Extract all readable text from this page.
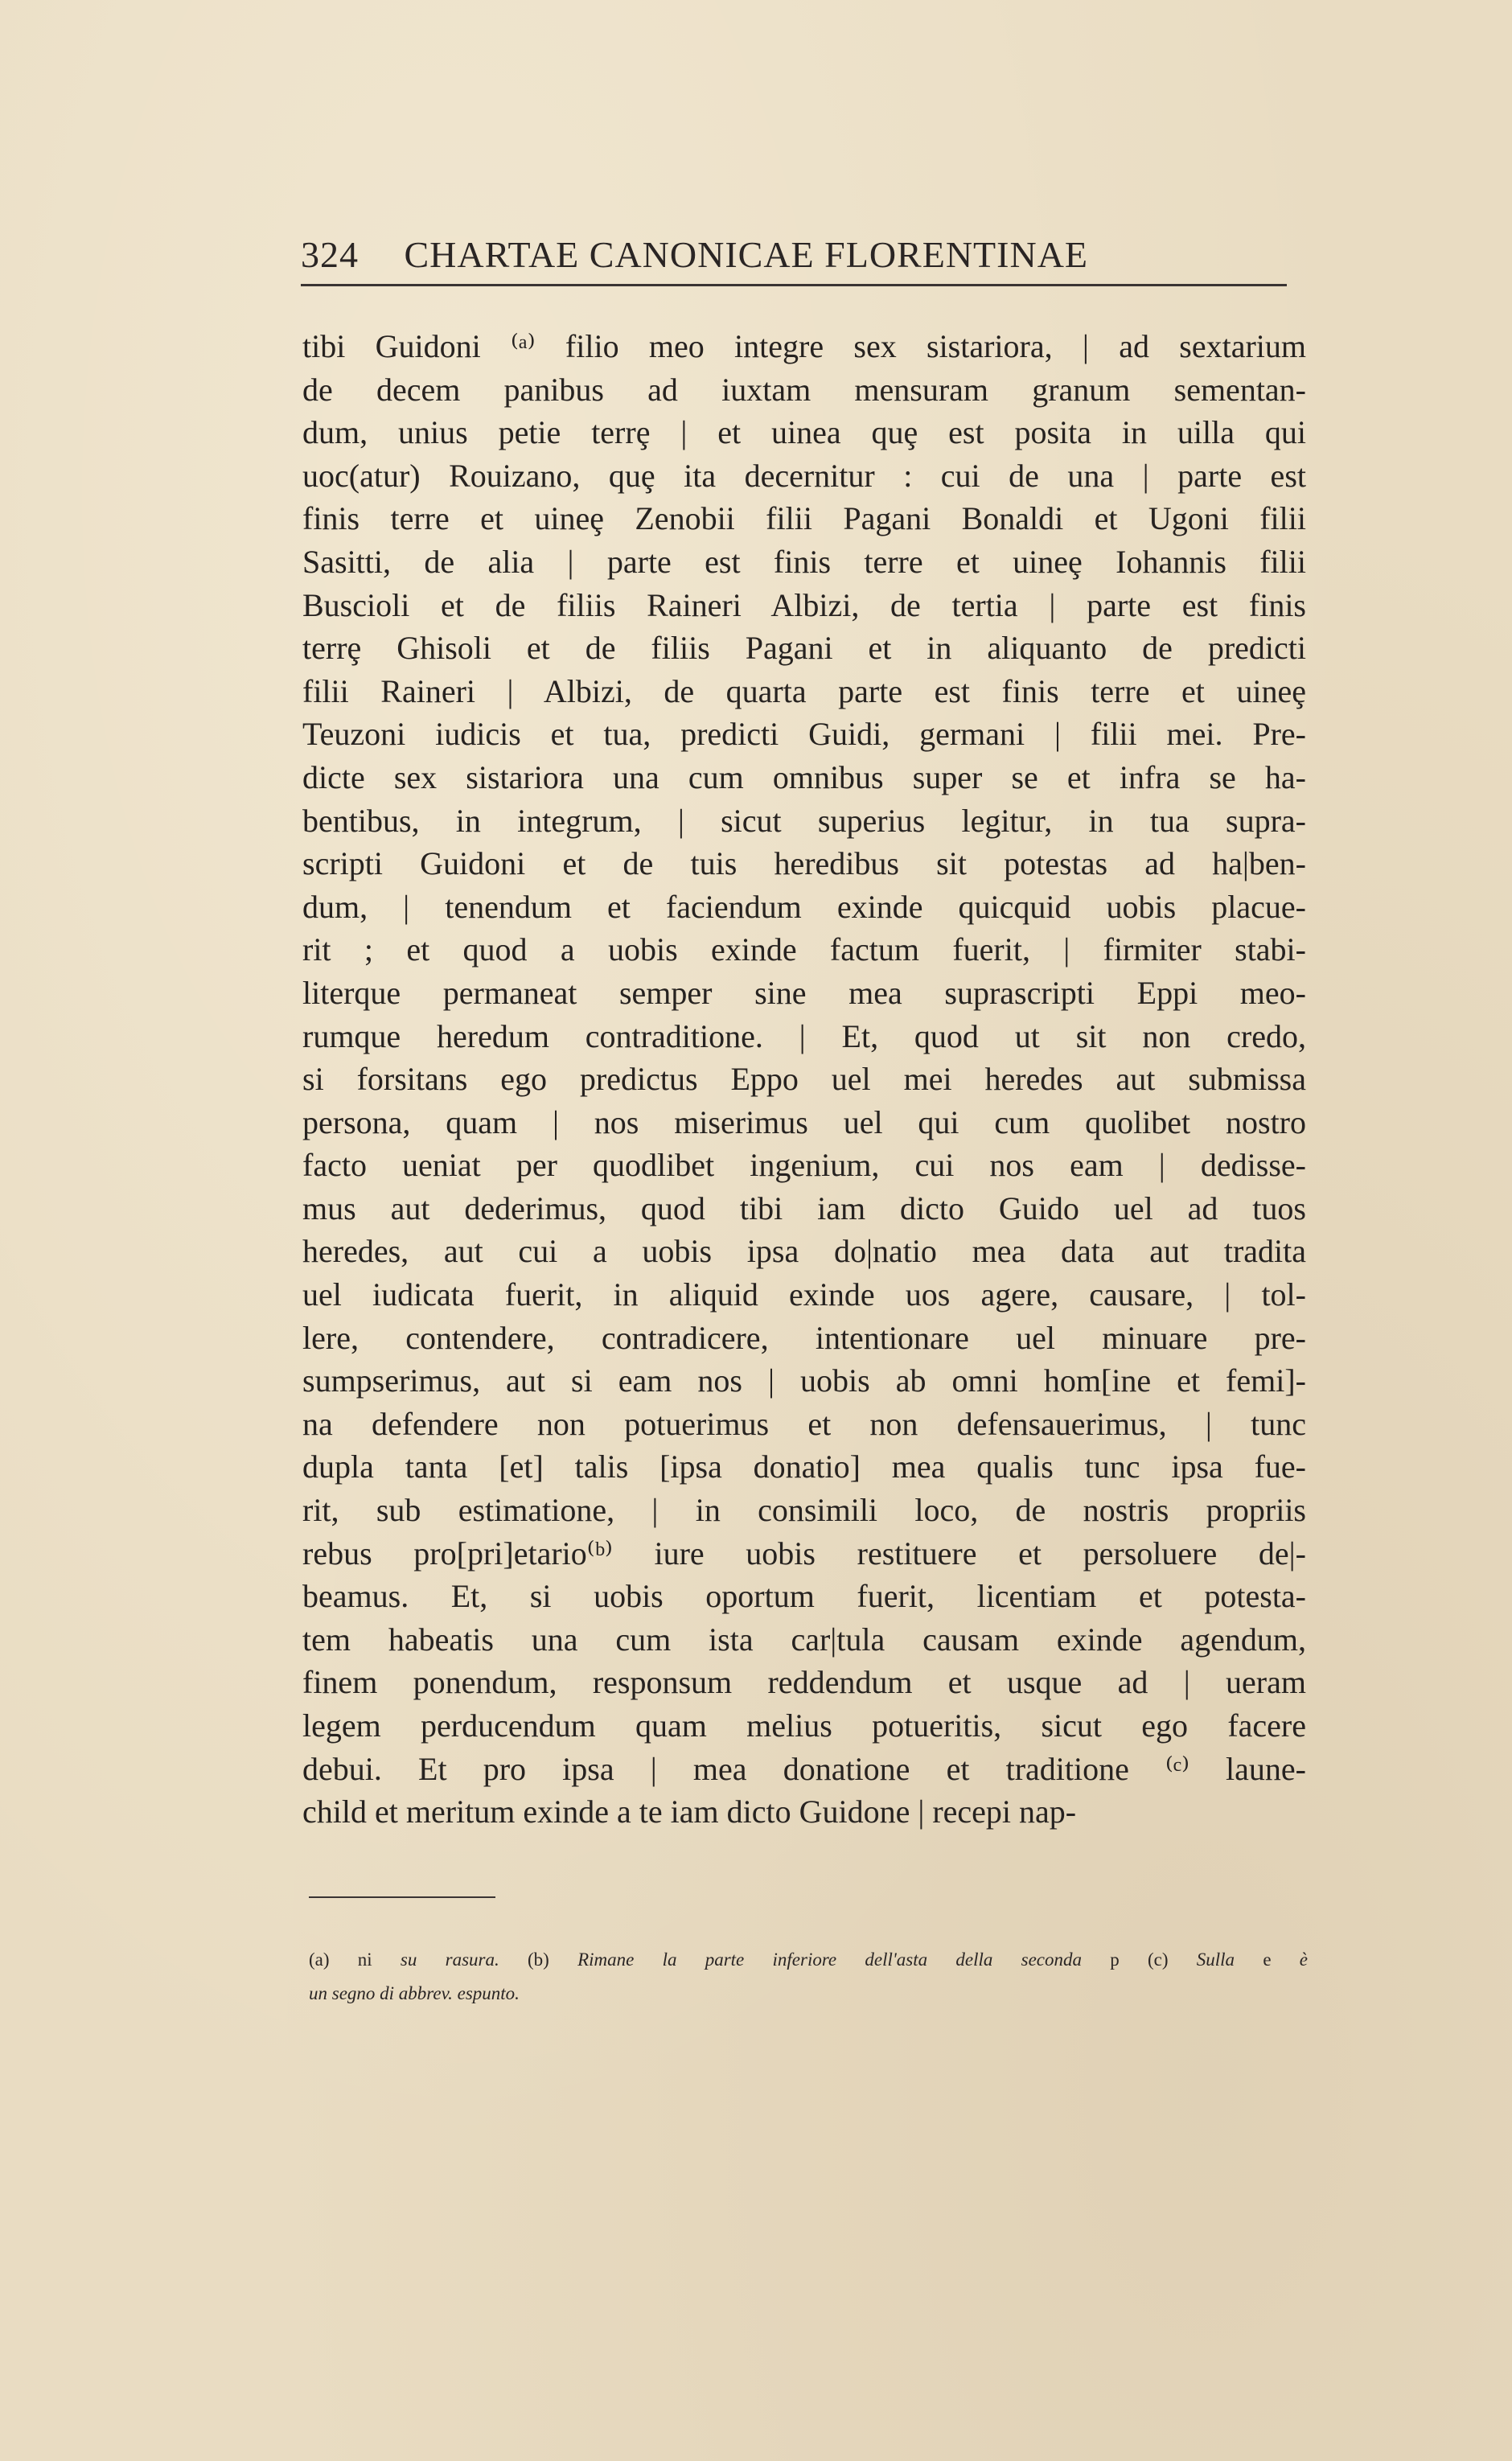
324 CHARTAE CANONICAE FLORENTINAE
tibi Guidoni ⁽ᵃ⁾ filio meo integre sex sistariora, | ad sextarium
de decem panibus ad iuxtam mensuram granum sementan-
dum, unius petie terrȩ | et uinea quȩ est posita in uilla qui
uoc(atur) Rouizano, quȩ ita decernitur : cui de una | parte est
finis terre et uineȩ Zenobii filii Pagani Bonaldi et Ugoni filii
Sasitti, de alia | parte est finis terre et uineȩ Iohannis filii
Buscioli et de filiis Raineri Albizi, de tertia | parte est finis
terrȩ Ghisoli et de filiis Pagani et in aliquanto de predicti
filii Raineri | Albizi, de quarta parte est finis terre et uineȩ
Teuzoni iudicis et tua, predicti Guidi, germani | filii mei. Pre-
dicte sex sistariora una cum omnibus super se et infra se ha-
bentibus, in integrum, | sicut superius legitur, in tua supra-
scripti Guidoni et de tuis heredibus sit potestas ad ha|ben-
dum, | tenendum et faciendum exinde quicquid uobis placue-
rit ; et quod a uobis exinde factum fuerit, | firmiter stabi-
literque permaneat semper sine mea suprascripti Eppi meo-
rumque heredum contraditione. | Et, quod ut sit non credo,
si forsitans ego predictus Eppo uel mei heredes aut submissa
persona, quam | nos miserimus uel qui cum quolibet nostro
facto ueniat per quodlibet ingenium, cui nos eam | dedisse-
mus aut dederimus, quod tibi iam dicto Guido uel ad tuos
heredes, aut cui a uobis ipsa do|natio mea data aut tradita
uel iudicata fuerit, in aliquid exinde uos agere, causare, | tol-
lere, contendere, contradicere, intentionare uel minuare pre-
sumpserimus, aut si eam nos | uobis ab omni hom[ine et femi]-
na defendere non potuerimus et non defensauerimus, | tunc
dupla tanta [et] talis [ipsa donatio] mea qualis tunc ipsa fue-
rit, sub estimatione, | in consimili loco, de nostris propriis
rebus pro[pri]etario⁽ᵇ⁾ iure uobis restituere et persoluere de|-
beamus. Et, si uobis oportum fuerit, licentiam et potesta-
tem habeatis una cum ista car|tula causam exinde agendum,
finem ponendum, responsum reddendum et usque ad | ueram
legem perducendum quam melius potueritis, sicut ego facere
debui. Et pro ipsa | mea donatione et traditione ⁽ᶜ⁾ laune-
child et meritum exinde a te iam dicto Guidone | recepi nap-
(a) ni su rasura. (b) Rimane la parte inferiore dell'asta della seconda p (c) Sulla e è
un segno di abbrev. espunto.
